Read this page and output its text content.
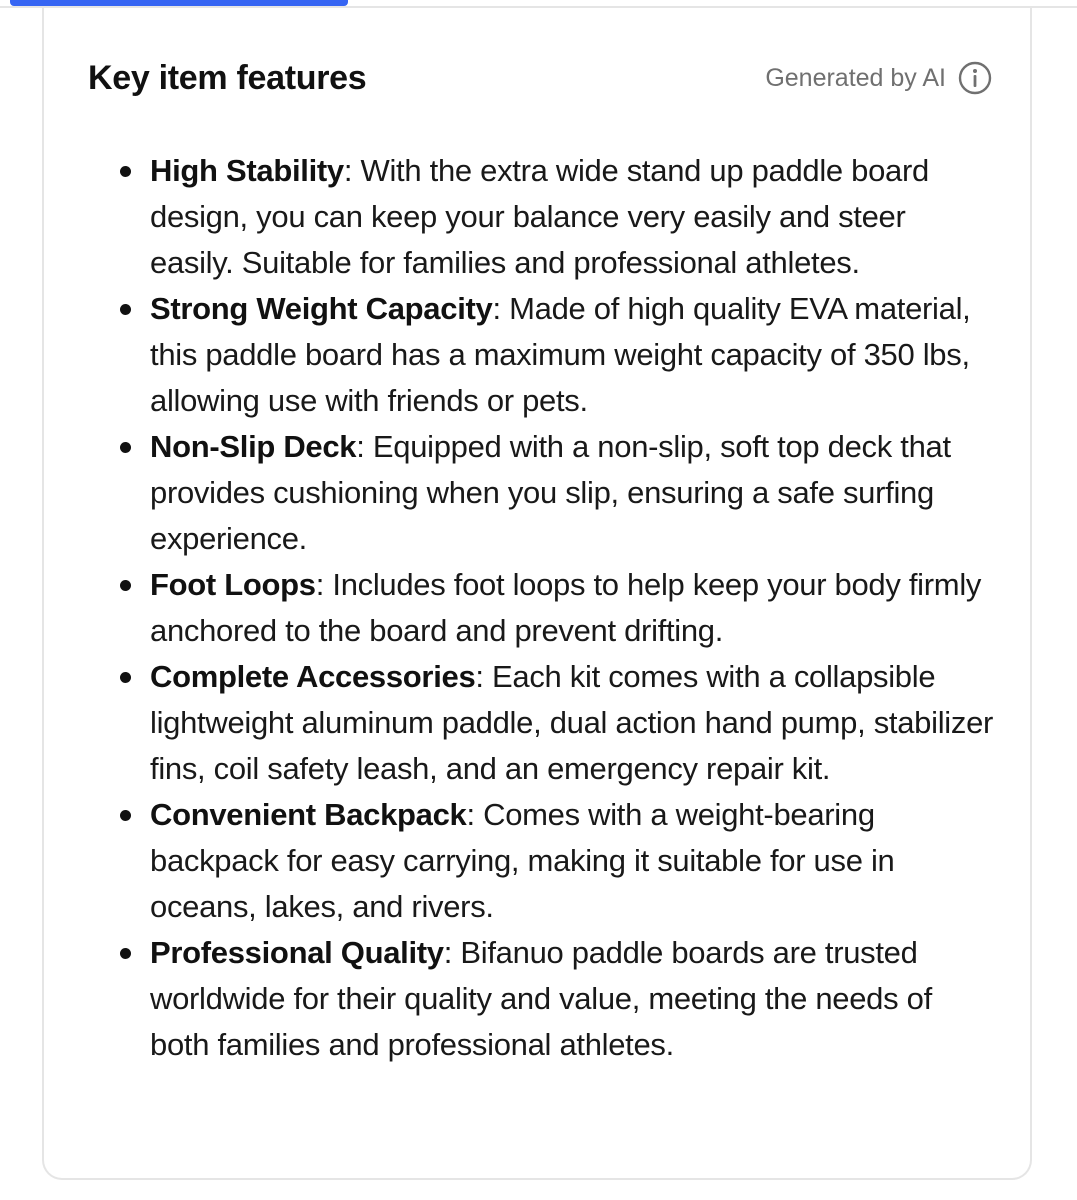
Key item features	Generated by AI
High Stability: With the extra wide stand up paddle board design, you can keep your balance very easily and steer easily. Suitable for families and professional athletes.
Strong Weight Capacity: Made of high quality EVA material, this paddle board has a maximum weight capacity of 350 lbs, allowing use with friends or pets.
Non-Slip Deck: Equipped with a non-slip, soft top deck that provides cushioning when you slip, ensuring a safe surfing experience.
Foot Loops: Includes foot loops to help keep your body firmly anchored to the board and prevent drifting.
Complete Accessories: Each kit comes with a collapsible lightweight aluminum paddle, dual action hand pump, stabilizer fins, coil safety leash, and an emergency repair kit.
Convenient Backpack: Comes with a weight-bearing backpack for easy carrying, making it suitable for use in oceans, lakes, and rivers.
Professional Quality: Bifanuo paddle boards are trusted worldwide for their quality and value, meeting the needs of both families and professional athletes.
